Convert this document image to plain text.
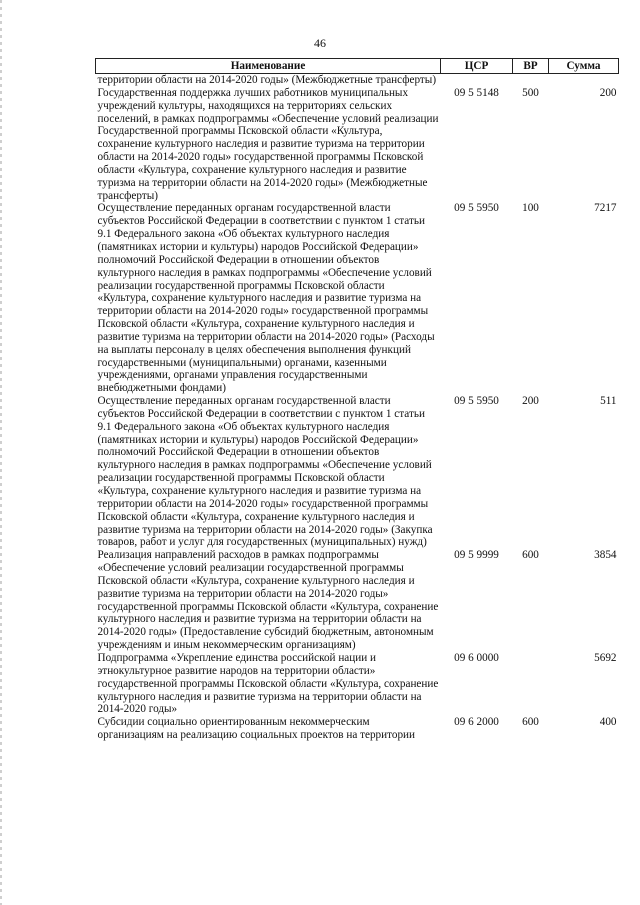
46
Наименование	ЦСР	ВР	Сумма
территории области на 2014-2020 годы» (Межбюджетные трансферты)			
Государственная поддержка лучших работников муниципальных учреждений культуры, находящихся на территориях сельских поселений, в рамках подпрограммы «Обеспечение условий реализации Государственной программы Псковской области «Культура, сохранение культурного наследия и развитие туризма на территории области на 2014-2020 годы» государственной программы Псковской области «Культура, сохранение культурного наследия и развитие туризма на территории области на 2014-2020 годы» (Межбюджетные трансферты)	09 5 5148	500	200
Осуществление переданных органам государственной власти субъектов Российской Федерации в соответствии с пунктом 1 статьи 9.1 Федерального закона «Об объектах культурного наследия (памятниках истории и культуры) народов Российской Федерации» полномочий Российской Федерации в отношении объектов культурного наследия в рамках подпрограммы «Обеспечение условий реализации государственной программы Псковской области «Культура, сохранение культурного наследия и развитие туризма на территории области на 2014-2020 годы» государственной программы Псковской области «Культура, сохранение культурного наследия и развитие туризма на территории области на 2014-2020 годы» (Расходы на выплаты персоналу в целях обеспечения выполнения функций государственными (муниципальными) органами, казенными учреждениями, органами управления государственными внебюджетными фондами)	09 5 5950	100	7217
Осуществление переданных органам государственной власти субъектов Российской Федерации в соответствии с пунктом 1 статьи 9.1 Федерального закона «Об объектах культурного наследия (памятниках истории и культуры) народов Российской Федерации» полномочий Российской Федерации в отношении объектов культурного наследия в рамках подпрограммы «Обеспечение условий реализации государственной программы Псковской области «Культура, сохранение культурного наследия и развитие туризма на территории области на 2014-2020 годы» государственной программы Псковской области «Культура, сохранение культурного наследия и развитие туризма на территории области на 2014-2020 годы» (Закупка товаров, работ и услуг для государственных (муниципальных) нужд)	09 5 5950	200	511
Реализация направлений расходов в рамках подпрограммы «Обеспечение условий реализации государственной программы Псковской области «Культура, сохранение культурного наследия и развитие туризма на территории области на 2014-2020 годы» государственной программы Псковской области «Культура, сохранение культурного наследия и развитие туризма на территории области на 2014-2020 годы» (Предоставление субсидий бюджетным, автономным учреждениям и иным некоммерческим организациям)	09 5 9999	600	3854
Подпрограмма «Укрепление единства российской нации и этнокультурное развитие народов на территории области» государственной программы Псковской области «Культура, сохранение культурного наследия и развитие туризма на территории области на 2014-2020 годы»	09 6 0000		5692
Субсидии социально ориентированным некоммерческим организациям на реализацию социальных проектов на территории	09 6 2000	600	400
